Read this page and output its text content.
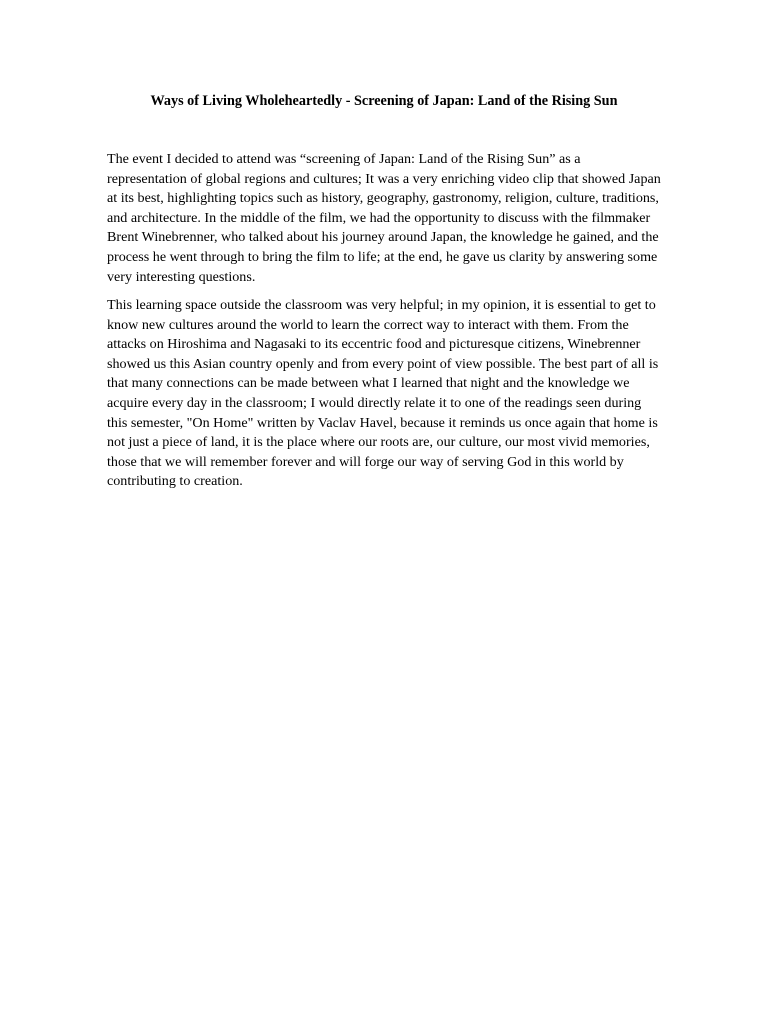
Ways of Living Wholeheartedly - Screening of Japan: Land of the Rising Sun

The event I decided to attend was “screening of Japan: Land of the Rising Sun” as a representation of global regions and cultures; It was a very enriching video clip that showed Japan at its best, highlighting topics such as history, geography, gastronomy, religion, culture, traditions, and architecture. In the middle of the film, we had the opportunity to discuss with the filmmaker Brent Winebrenner, who talked about his journey around Japan, the knowledge he gained, and the process he went through to bring the film to life; at the end, he gave us clarity by answering some very interesting questions.

This learning space outside the classroom was very helpful; in my opinion, it is essential to get to know new cultures around the world to learn the correct way to interact with them. From the attacks on Hiroshima and Nagasaki to its eccentric food and picturesque citizens, Winebrenner showed us this Asian country openly and from every point of view possible. The best part of all is that many connections can be made between what I learned that night and the knowledge we acquire every day in the classroom; I would directly relate it to one of the readings seen during this semester, "On Home" written by Vaclav Havel, because it reminds us once again that home is not just a piece of land, it is the place where our roots are, our culture, our most vivid memories, those that we will remember forever and will forge our way of serving God in this world by contributing to creation.
